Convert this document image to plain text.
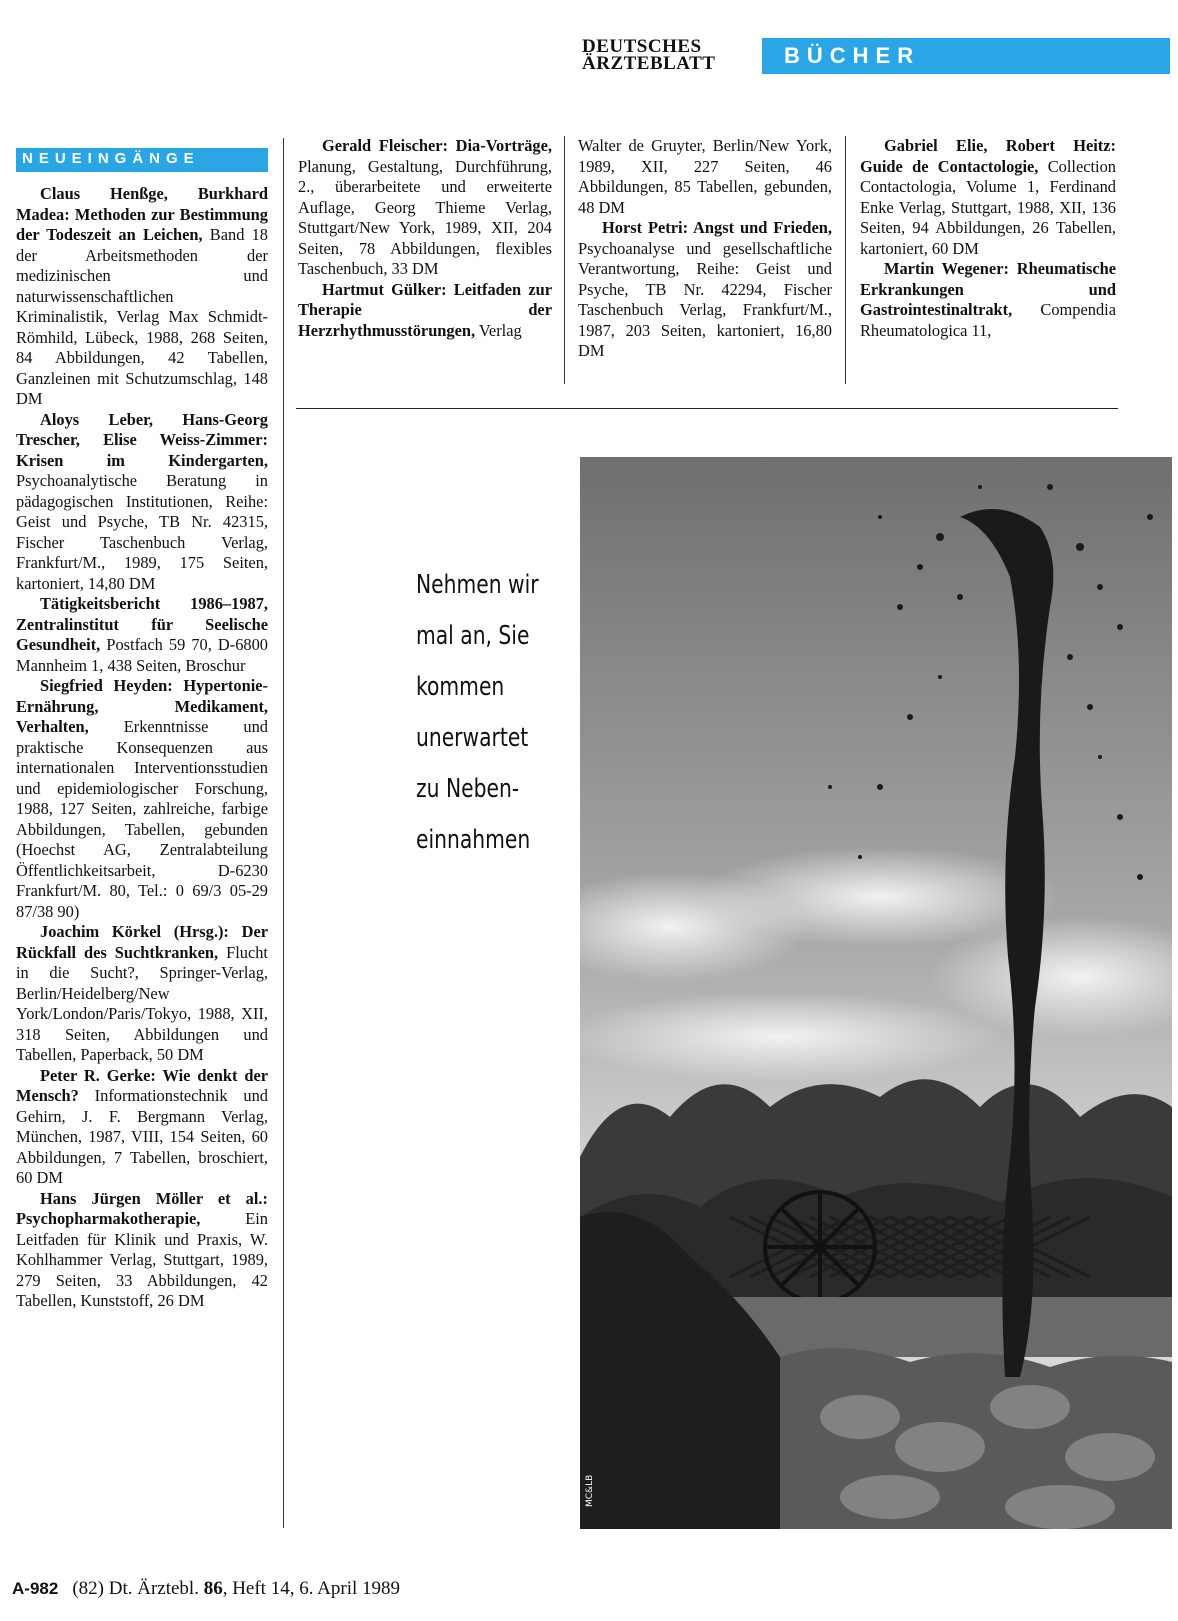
DEUTSCHES
ÄRZTEBLATT	BÜCHER
NEUEINGÄNGE

Claus Henßge, Burkhard Madea: Methoden zur Bestimmung der Todeszeit an Leichen, Band 18 der Arbeitsmethoden der medizinischen und naturwissenschaftlichen Kriminalistik, Verlag Max Schmidt-Römhild, Lübeck, 1988, 268 Seiten, 84 Abbildungen, 42 Tabellen, Ganzleinen mit Schutzumschlag, 148 DM

Aloys Leber, Hans-Georg Trescher, Elise Weiss-Zimmer: Krisen im Kindergarten, Psychoanalytische Beratung in pädagogischen Institutionen, Reihe: Geist und Psyche, TB Nr. 42315, Fischer Taschenbuch Verlag, Frankfurt/M., 1989, 175 Seiten, kartoniert, 14,80 DM

Tätigkeitsbericht 1986–1987, Zentralinstitut für Seelische Gesundheit, Postfach 59 70, D-6800 Mannheim 1, 438 Seiten, Broschur

Siegfried Heyden: Hypertonie-Ernährung, Medikament, Verhalten, Erkenntnisse und praktische Konsequenzen aus internationalen Interventionsstudien und epidemiologischer Forschung, 1988, 127 Seiten, zahlreiche, farbige Abbildungen, Tabellen, gebunden (Hoechst AG, Zentralabteilung Öffentlichkeitsarbeit, D-6230 Frankfurt/M. 80, Tel.: 0 69/3 05-29 87/38 90)

Joachim Körkel (Hrsg.): Der Rückfall des Suchtkranken, Flucht in die Sucht?, Springer-Verlag, Berlin/Heidelberg/New York/London/Paris/Tokyo, 1988, XII, 318 Seiten, Abbildungen und Tabellen, Paperback, 50 DM

Peter R. Gerke: Wie denkt der Mensch? Informationstechnik und Gehirn, J. F. Bergmann Verlag, München, 1987, VIII, 154 Seiten, 60 Abbildungen, 7 Tabellen, broschiert, 60 DM

Hans Jürgen Möller et al.: Psychopharmakotherapie, Ein Leitfaden für Klinik und Praxis, W. Kohlhammer Verlag, Stuttgart, 1989, 279 Seiten, 33 Abbildungen, 42 Tabellen, Kunststoff, 26 DM

Gerald Fleischer: Dia-Vorträge, Planung, Gestaltung, Durchführung, 2., überarbeitete und erweiterte Auflage, Georg Thieme Verlag, Stuttgart/New York, 1989, XII, 204 Seiten, 78 Abbildungen, flexibles Taschenbuch, 33 DM

Hartmut Gülker: Leitfaden zur Therapie der Herzrhythmusstörungen, Verlag

Walter de Gruyter, Berlin/New York, 1989, XII, 227 Seiten, 46 Abbildungen, 85 Tabellen, gebunden, 48 DM

Horst Petri: Angst und Frieden, Psychoanalyse und gesellschaftliche Verantwortung, Reihe: Geist und Psyche, TB Nr. 42294, Fischer Taschenbuch Verlag, Frankfurt/M., 1987, 203 Seiten, kartoniert, 16,80 DM

Gabriel Elie, Robert Heitz: Guide de Contactologie, Collection Contactologia, Volume 1, Ferdinand Enke Verlag, Stuttgart, 1988, XII, 136 Seiten, 94 Abbildungen, 26 Tabellen, kartoniert, 60 DM

Martin Wegener: Rheumatische Erkrankungen und Gastrointestinaltrakt, Compendia Rheumatologica 11,

Nehmen wir
mal an, Sie
kommen
unerwartet
zu Neben-
einnahmen
MC&LB
A-982 (82) Dt. Ärztebl. 86, Heft 14, 6. April 1989
